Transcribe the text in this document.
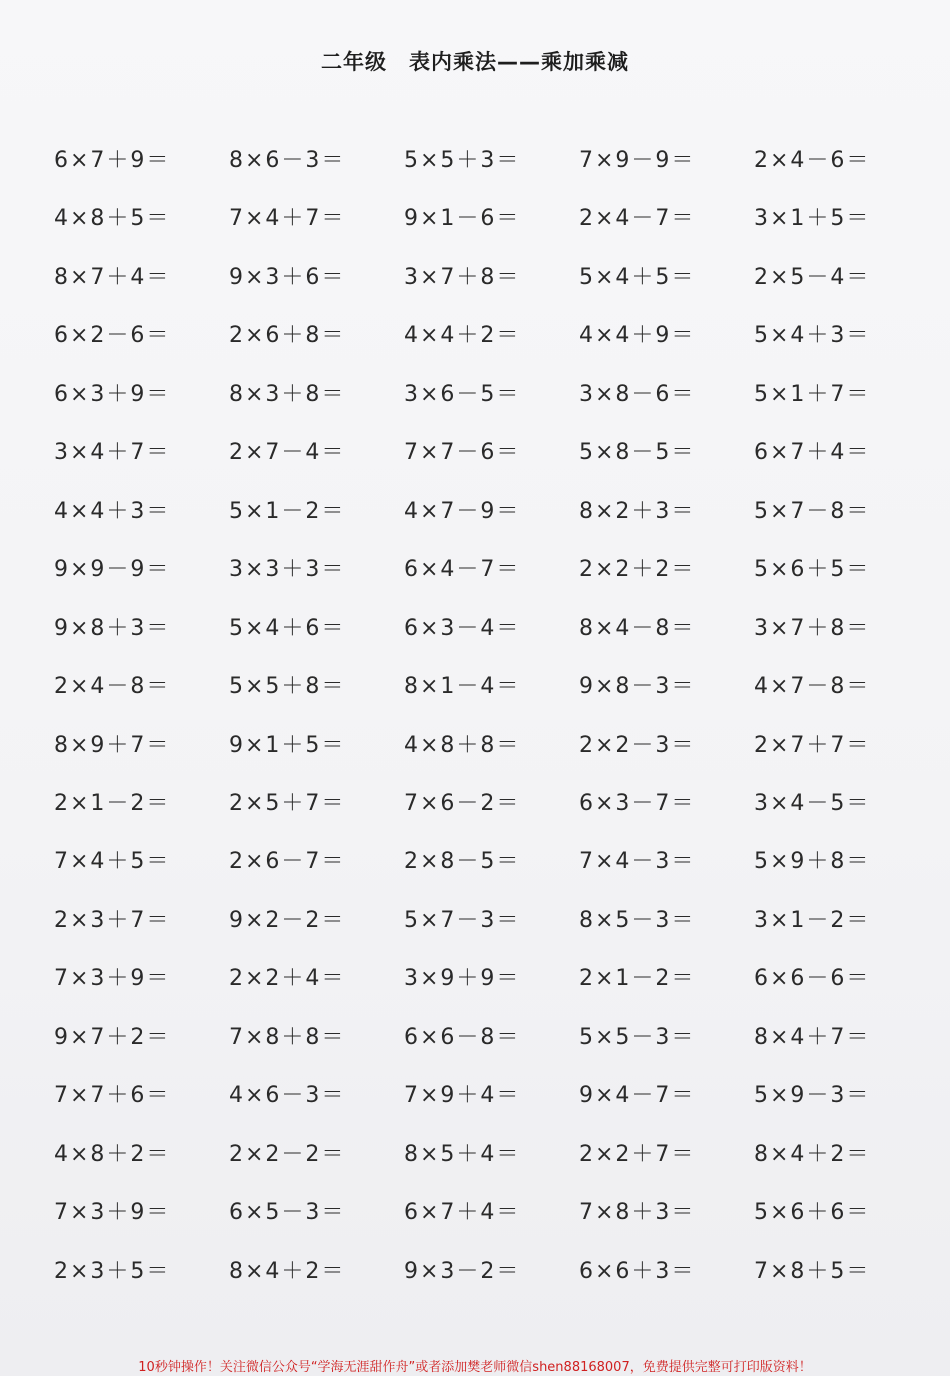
二年级　表内乘法——乘加乘减
6×7＋9＝	8×6－3＝	5×5＋3＝	7×9－9＝	2×4－6＝
4×8＋5＝	7×4＋7＝	9×1－6＝	2×4－7＝	3×1＋5＝
8×7＋4＝	9×3＋6＝	3×7＋8＝	5×4＋5＝	2×5－4＝
6×2－6＝	2×6＋8＝	4×4＋2＝	4×4＋9＝	5×4＋3＝
6×3＋9＝	8×3＋8＝	3×6－5＝	3×8－6＝	5×1＋7＝
3×4＋7＝	2×7－4＝	7×7－6＝	5×8－5＝	6×7＋4＝
4×4＋3＝	5×1－2＝	4×7－9＝	8×2＋3＝	5×7－8＝
9×9－9＝	3×3＋3＝	6×4－7＝	2×2＋2＝	5×6＋5＝
9×8＋3＝	5×4＋6＝	6×3－4＝	8×4－8＝	3×7＋8＝
2×4－8＝	5×5＋8＝	8×1－4＝	9×8－3＝	4×7－8＝
8×9＋7＝	9×1＋5＝	4×8＋8＝	2×2－3＝	2×7＋7＝
2×1－2＝	2×5＋7＝	7×6－2＝	6×3－7＝	3×4－5＝
7×4＋5＝	2×6－7＝	2×8－5＝	7×4－3＝	5×9＋8＝
2×3＋7＝	9×2－2＝	5×7－3＝	8×5－3＝	3×1－2＝
7×3＋9＝	2×2＋4＝	3×9＋9＝	2×1－2＝	6×6－6＝
9×7＋2＝	7×8＋8＝	6×6－8＝	5×5－3＝	8×4＋7＝
7×7＋6＝	4×6－3＝	7×9＋4＝	9×4－7＝	5×9－3＝
4×8＋2＝	2×2－2＝	8×5＋4＝	2×2＋7＝	8×4＋2＝
7×3＋9＝	6×5－3＝	6×7＋4＝	7×8＋3＝	5×6＋6＝
2×3＋5＝	8×4＋2＝	9×3－2＝	6×6＋3＝	7×8＋5＝
10秒钟操作！关注微信公众号“学海无涯甜作舟”或者添加樊老师微信shen88168007，免费提供完整可打印版资料！
